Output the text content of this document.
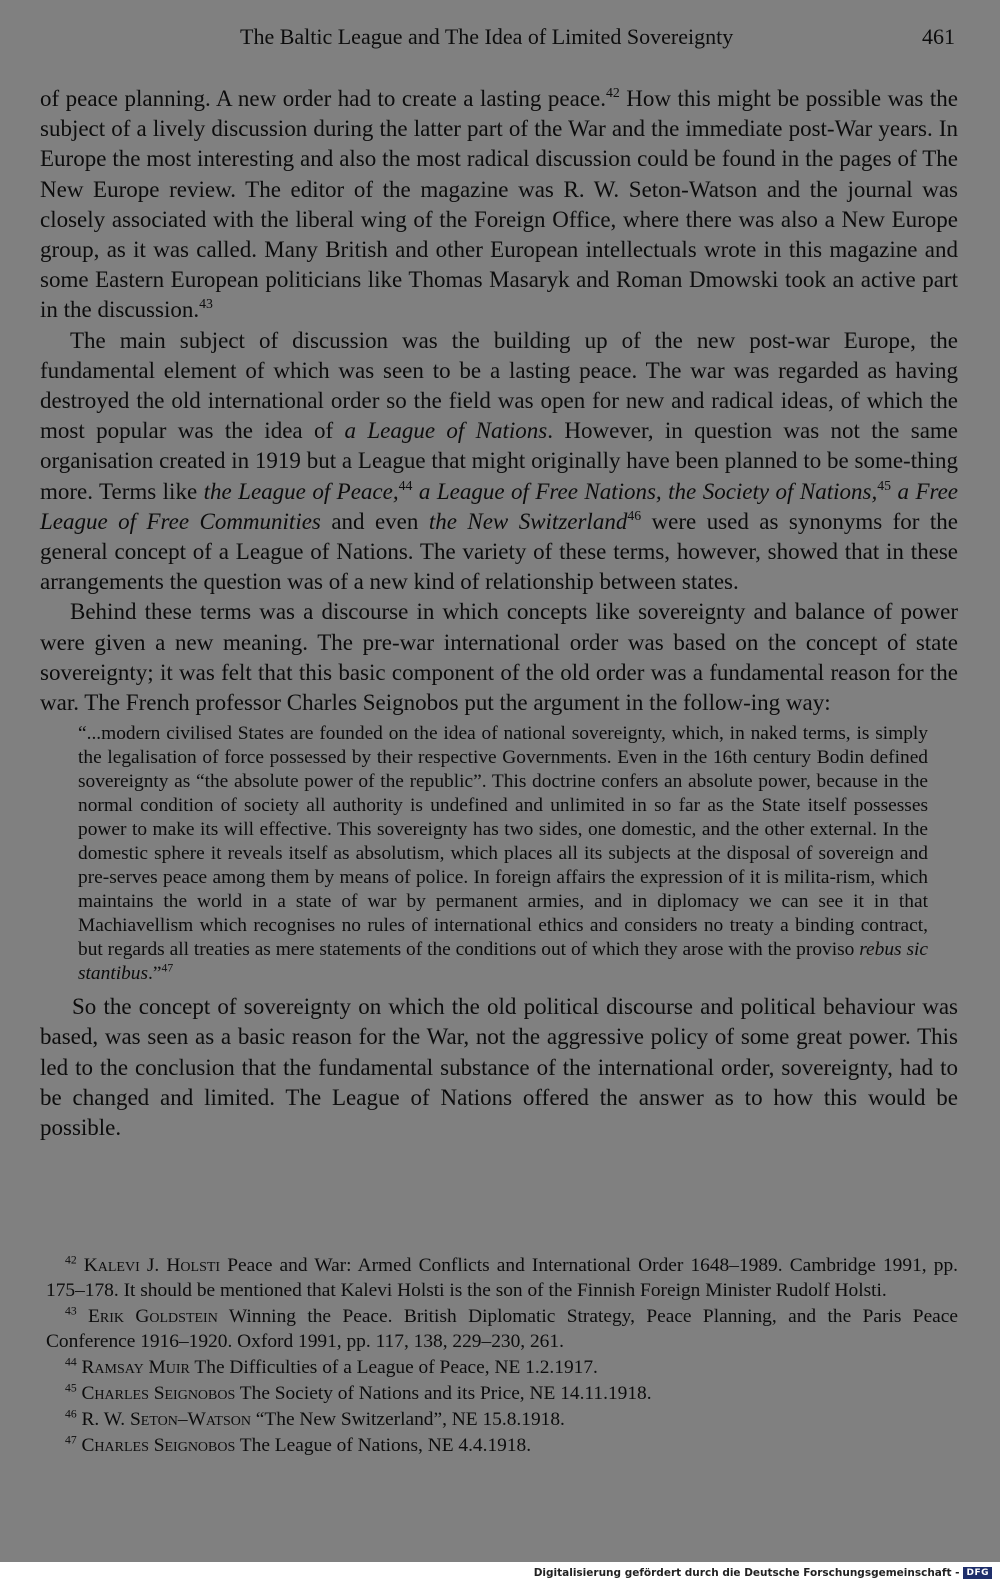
The Baltic League and The Idea of Limited Sovereignty	461

of peace planning. A new order had to create a lasting peace.$^{42}$ How this might be possible was the subject of a lively discussion during the latter part of the War and the immediate post-War years. In Europe the most interesting and also the most radical discussion could be found in the pages of The New Europe review. The editor of the magazine was R. W. Seton-Watson and the journal was closely associated with the liberal wing of the Foreign Office, where there was also a New Europe group, as it was called. Many British and other European intellectuals wrote in this magazine and some Eastern European politicians like Thomas Masaryk and Roman Dmowski took an active part in the discussion.$^{43}$

The main subject of discussion was the building up of the new post-war Europe, the fundamental element of which was seen to be a lasting peace. The war was regarded as having destroyed the old international order so the field was open for new and radical ideas, of which the most popular was the idea of a League of Nations. However, in question was not the same organisation created in 1919 but a League that might originally have been planned to be some-thing more. Terms like the League of Peace,$^{44}$ a League of Free Nations, the Society of Nations,$^{45}$ a Free League of Free Communities and even the New Switzerland$^{46}$ were used as synonyms for the general concept of a League of Nations. The variety of these terms, however, showed that in these arrangements the question was of a new kind of relationship between states.

Behind these terms was a discourse in which concepts like sovereignty and balance of power were given a new meaning. The pre-war international order was based on the concept of state sovereignty; it was felt that this basic component of the old order was a fundamental reason for the war. The French professor Charles Seignobos put the argument in the follow-ing way:

“...modern civilised States are founded on the idea of national sovereignty, which, in naked terms, is simply the legalisation of force possessed by their respective Governments. Even in the 16th century Bodin defined sovereignty as “the absolute power of the republic”. This doctrine confers an absolute power, because in the normal condition of society all authority is undefined and unlimited in so far as the State itself possesses power to make its will effective. This sovereignty has two sides, one domestic, and the other external. In the domestic sphere it reveals itself as absolutism, which places all its subjects at the disposal of sovereign and pre-serves peace among them by means of police. In foreign affairs the expression of it is milita-rism, which maintains the world in a state of war by permanent armies, and in diplomacy we can see it in that Machiavellism which recognises no rules of international ethics and considers no treaty a binding contract, but regards all treaties as mere statements of the conditions out of which they arose with the proviso rebus sic stantibus.”$^{47}$

So the concept of sovereignty on which the old political discourse and political behaviour was based, was seen as a basic reason for the War, not the aggressive policy of some great power. This led to the conclusion that the fundamental substance of the international order, sovereignty, had to be changed and limited. The League of Nations offered the answer as to how this would be possible.

$^{42}$ Kalevi J. Holsti Peace and War: Armed Conflicts and International Order 1648–1989. Cambridge 1991, pp. 175–178. It should be mentioned that Kalevi Holsti is the son of the Finnish Foreign Minister Rudolf Holsti.
$^{43}$ Erik Goldstein Winning the Peace. British Diplomatic Strategy, Peace Planning, and the Paris Peace Conference 1916–1920. Oxford 1991, pp. 117, 138, 229–230, 261.
$^{44}$ Ramsay Muir The Difficulties of a League of Peace, NE 1.2.1917.
$^{45}$ Charles Seignobos The Society of Nations and its Price, NE 14.11.1918.
$^{46}$ R. W. Seton–Watson “The New Switzerland”, NE 15.8.1918.
$^{47}$ Charles Seignobos The League of Nations, NE 4.4.1918.
Digitalisierung gefördert durch die Deutsche Forschungsgemeinschaft - DFG
